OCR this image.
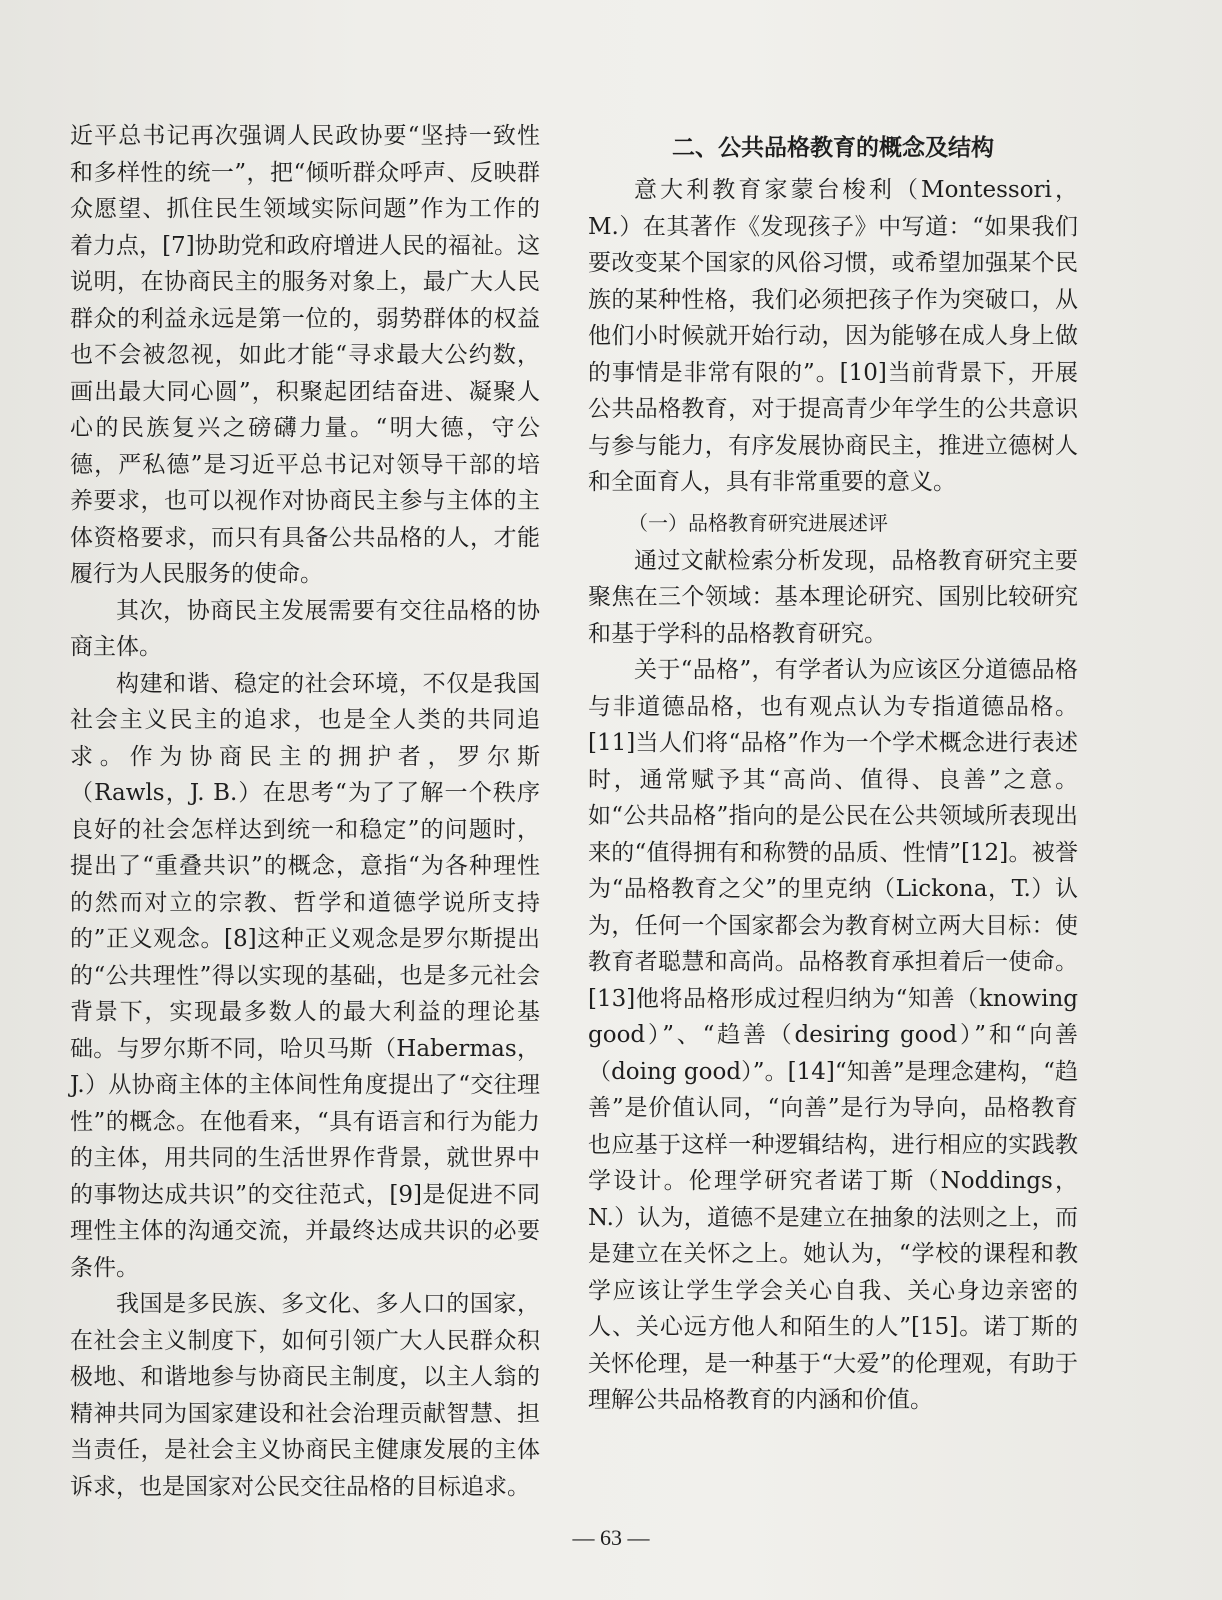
近平总书记再次强调人民政协要“坚持一致性和多样性的统一”，把“倾听群众呼声、反映群众愿望、抓住民生领域实际问题”作为工作的着力点，[7]协助党和政府增进人民的福祉。这说明，在协商民主的服务对象上，最广大人民群众的利益永远是第一位的，弱势群体的权益也不会被忽视，如此才能“寻求最大公约数，画出最大同心圆”，积聚起团结奋进、凝聚人心的民族复兴之磅礴力量。“明大德，守公德，严私德”是习近平总书记对领导干部的培养要求，也可以视作对协商民主参与主体的主体资格要求，而只有具备公共品格的人，才能履行为人民服务的使命。

其次，协商民主发展需要有交往品格的协商主体。

构建和谐、稳定的社会环境，不仅是我国社会主义民主的追求，也是全人类的共同追求。作为协商民主的拥护者，罗尔斯（Rawls，J. B.）在思考“为了了解一个秩序良好的社会怎样达到统一和稳定”的问题时，提出了“重叠共识”的概念，意指“为各种理性的然而对立的宗教、哲学和道德学说所支持的”正义观念。[8]这种正义观念是罗尔斯提出的“公共理性”得以实现的基础，也是多元社会背景下，实现最多数人的最大利益的理论基础。与罗尔斯不同，哈贝马斯（Habermas，J.）从协商主体的主体间性角度提出了“交往理性”的概念。在他看来，“具有语言和行为能力的主体，用共同的生活世界作背景，就世界中的事物达成共识”的交往范式，[9]是促进不同理性主体的沟通交流，并最终达成共识的必要条件。

我国是多民族、多文化、多人口的国家，在社会主义制度下，如何引领广大人民群众积极地、和谐地参与协商民主制度，以主人翁的精神共同为国家建设和社会治理贡献智慧、担当责任，是社会主义协商民主健康发展的主体诉求，也是国家对公民交往品格的目标追求。

二、公共品格教育的概念及结构

意大利教育家蒙台梭利（Montessori，M.）在其著作《发现孩子》中写道：“如果我们要改变某个国家的风俗习惯，或希望加强某个民族的某种性格，我们必须把孩子作为突破口，从他们小时候就开始行动，因为能够在成人身上做的事情是非常有限的”。[10]当前背景下，开展公共品格教育，对于提高青少年学生的公共意识与参与能力，有序发展协商民主，推进立德树人和全面育人，具有非常重要的意义。

（一）品格教育研究进展述评

通过文献检索分析发现，品格教育研究主要聚焦在三个领域：基本理论研究、国别比较研究和基于学科的品格教育研究。

关于“品格”，有学者认为应该区分道德品格与非道德品格，也有观点认为专指道德品格。[11]当人们将“品格”作为一个学术概念进行表述时，通常赋予其“高尚、值得、良善”之意。如“公共品格”指向的是公民在公共领域所表现出来的“值得拥有和称赞的品质、性情”[12]。被誉为“品格教育之父”的里克纳（Lickona，T.）认为，任何一个国家都会为教育树立两大目标：使教育者聪慧和高尚。品格教育承担着后一使命。[13]他将品格形成过程归纳为“知善（knowing good）”、“趋善（desiring good）”和“向善（doing good）”。[14]“知善”是理念建构，“趋善”是价值认同，“向善”是行为导向，品格教育也应基于这样一种逻辑结构，进行相应的实践教学设计。伦理学研究者诺丁斯（Noddings，N.）认为，道德不是建立在抽象的法则之上，而是建立在关怀之上。她认为，“学校的课程和教学应该让学生学会关心自我、关心身边亲密的人、关心远方他人和陌生的人”[15]。诺丁斯的关怀伦理，是一种基于“大爱”的伦理观，有助于理解公共品格教育的内涵和价值。

— 63 —
